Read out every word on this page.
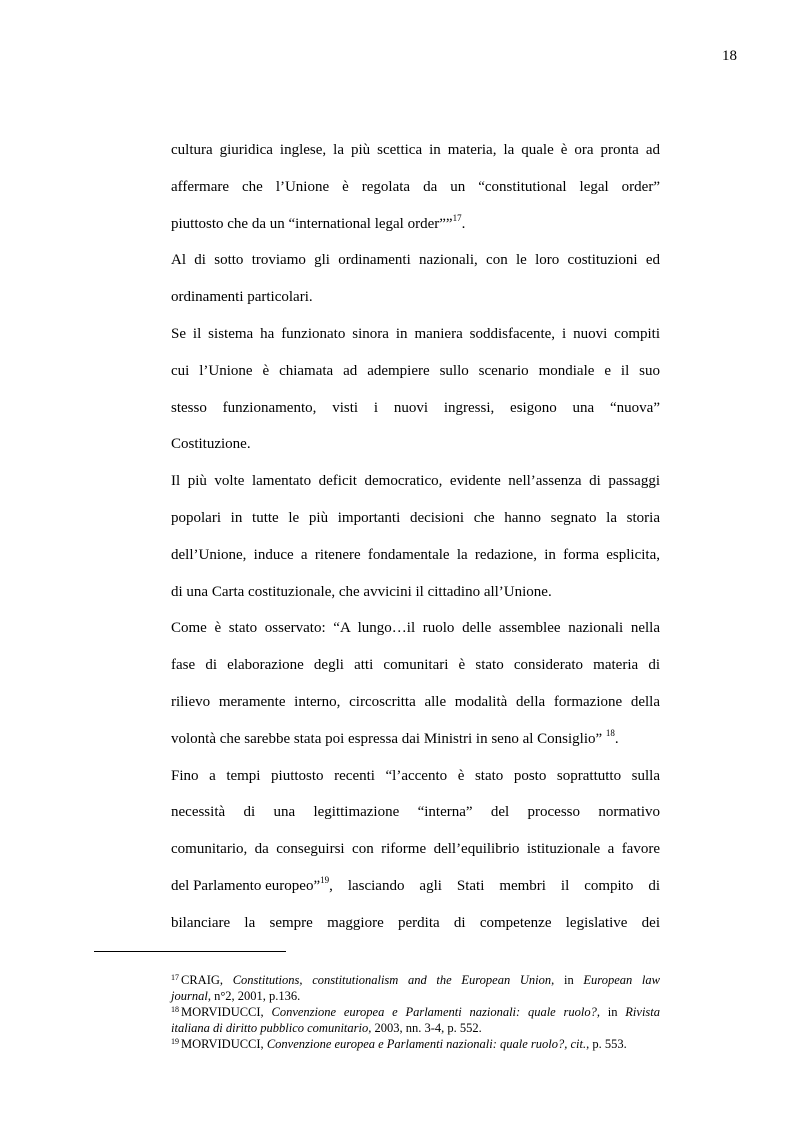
18
cultura giuridica inglese, la più scettica in materia, la quale è ora pronta ad
affermare che l’Unione è regolata da un “constitutional legal order”
piuttosto che da un “international legal order””$^{17}$.
Al di sotto troviamo gli ordinamenti nazionali, con le loro costituzioni ed
ordinamenti particolari.
Se il sistema ha funzionato sinora in maniera soddisfacente, i nuovi compiti
cui l’Unione è chiamata ad adempiere sullo scenario mondiale e il suo
stesso funzionamento, visti i nuovi ingressi, esigono una “nuova”
Costituzione.
Il più volte lamentato deficit democratico, evidente nell’assenza di passaggi
popolari in tutte le più importanti decisioni che hanno segnato la storia
dell’Unione, induce a ritenere fondamentale la redazione, in forma esplicita,
di una Carta costituzionale, che avvicini il cittadino all’Unione.
Come è stato osservato: “A lungo…il ruolo delle assemblee nazionali nella
fase di elaborazione degli atti comunitari è stato considerato materia di
rilievo meramente interno, circoscritta alle modalità della formazione della
volontà che sarebbe stata poi espressa dai Ministri in seno al Consiglio” $^{18}$.
Fino a tempi piuttosto recenti “l’accento è stato posto soprattutto sulla
necessità di una legittimazione “interna” del processo normativo
comunitario, da conseguirsi con riforme dell’equilibrio istituzionale a favore
del Parlamento europeo”$^{19}$ , lasciando agli Stati membri il compito di
bilanciare la sempre maggiore perdita di competenze legislative dei
$^{17}$ CRAIG, Constitutions, constitutionalism and the European Union, in European law
journal, n°2, 2001, p.136.
$^{18}$ MORVIDUCCI, Convenzione europea e Parlamenti nazionali: quale ruolo?, in Rivista
italiana di diritto pubblico comunitario, 2003, nn. 3-4, p. 552.
$^{19}$ MORVIDUCCI, Convenzione europea e Parlamenti nazionali: quale ruolo?, cit., p. 553.
